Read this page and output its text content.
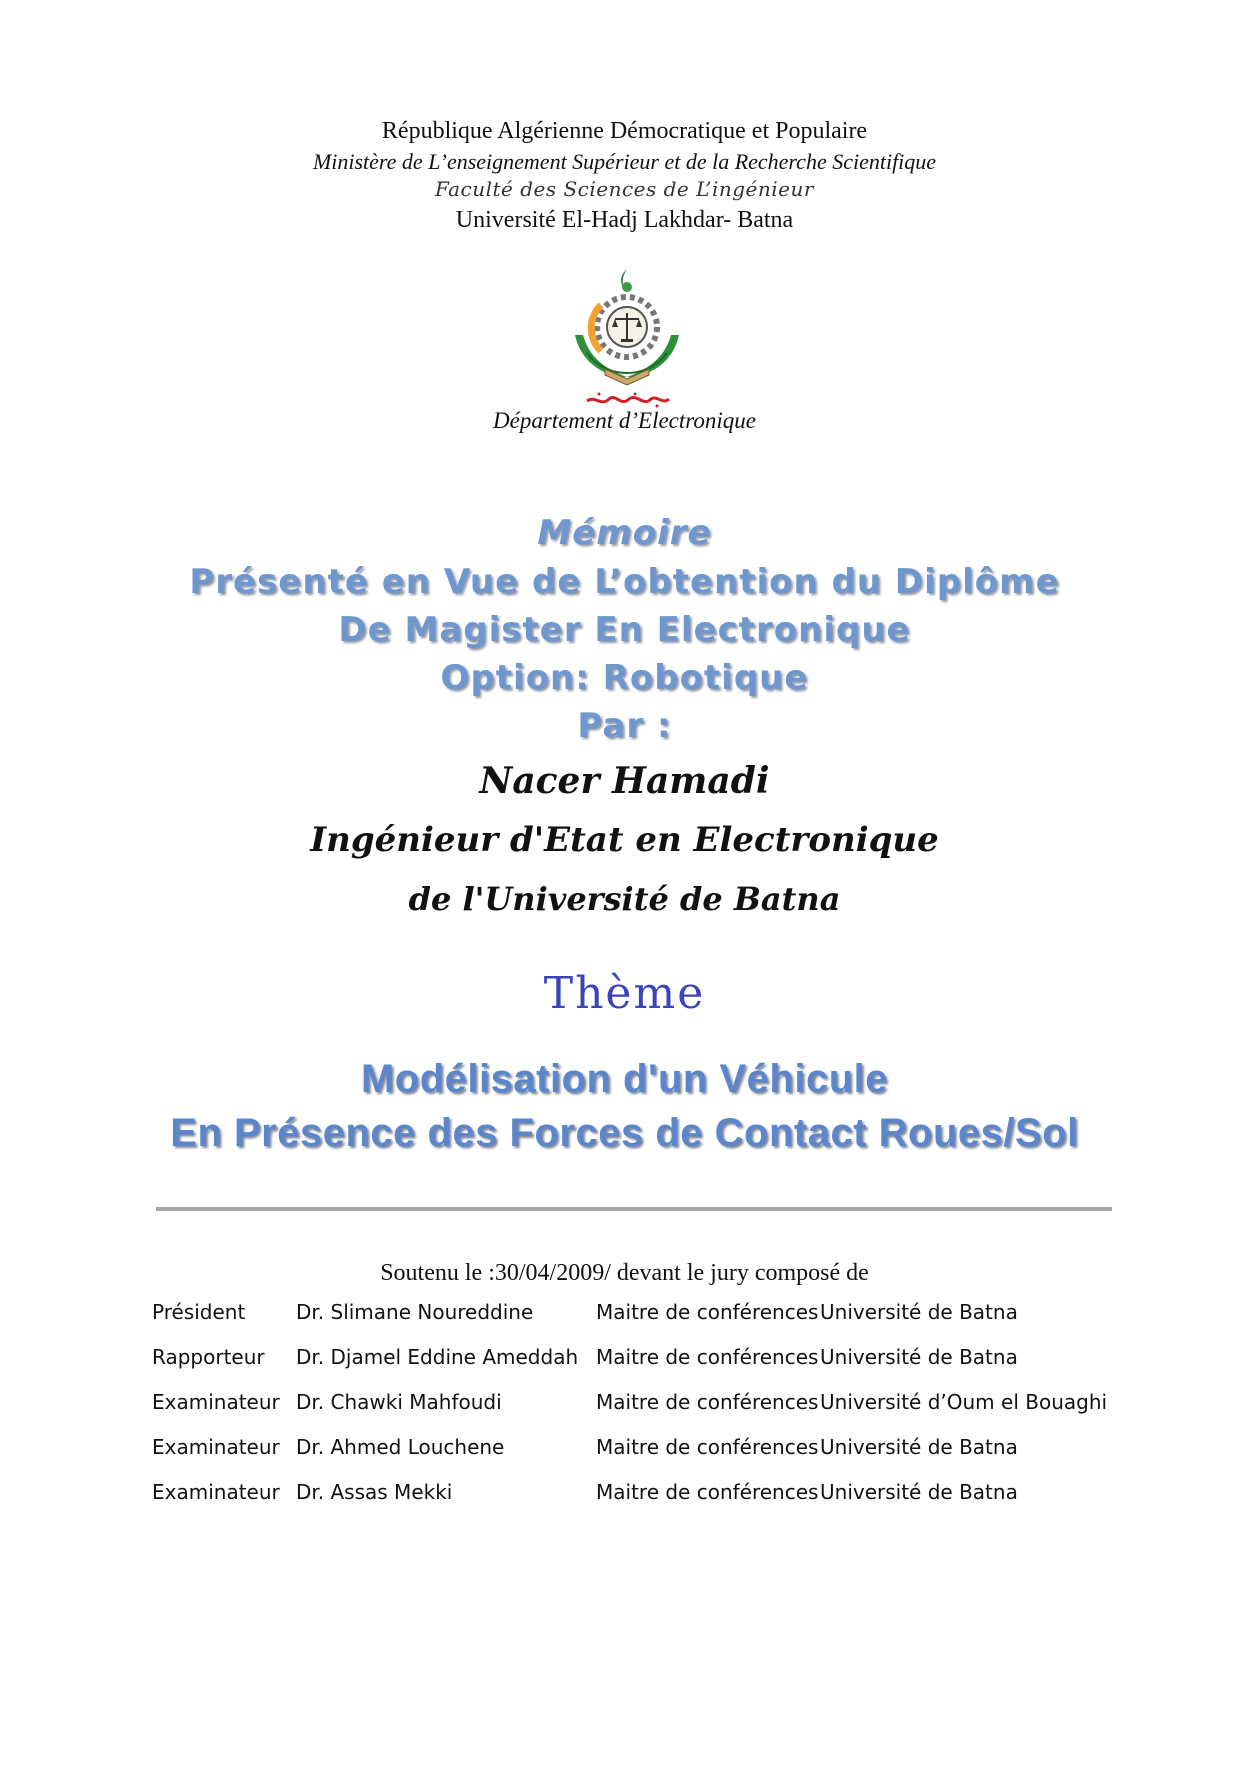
République Algérienne Démocratique et Populaire
Ministère de L’enseignement Supérieur et de la Recherche Scientifique
Faculté des Sciences de L’ingénieur
Université El-Hadj Lakhdar- Batna
Département d’Electronique
Mémoire
Présenté en Vue de L’obtention du Diplôme
De Magister En Electronique
Option: Robotique
Par :
Nacer Hamadi
Ingénieur d'Etat en Electronique
de l'Université de Batna
Thème
Modélisation d'un Véhicule
En Présence des Forces de Contact Roues/Sol
Soutenu le :30/04/2009/ devant le jury composé de
Président	Dr. Slimane Noureddine	Maitre de conférences Université de Batna
Rapporteur Dr. Djamel Eddine Ameddah Maitre de conférences Université de Batna
Examinateur Dr. Chawki Mahfoudi	Maitre de conférences Université d’Oum el Bouaghi
Examinateur Dr. Ahmed Louchene	Maitre de conférences Université de Batna
Examinateur Dr. Assas Mekki	Maitre de conférences Université de Batna
